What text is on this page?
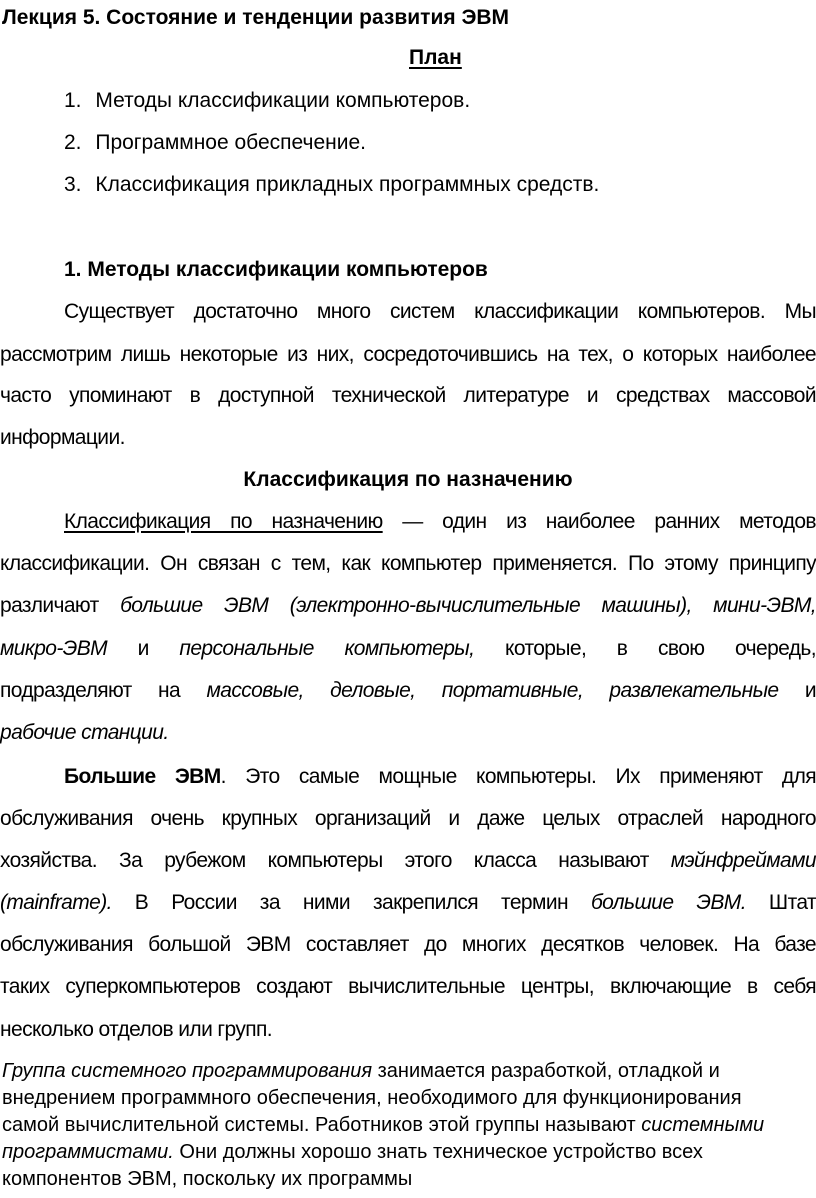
Лекция 5. Состояние и тенденции развития ЭВМ
План
1. Методы классификации компьютеров.
2. Программное обеспечение.
3. Классификация прикладных программных средств.
1. Методы классификации компьютеров
Существует достаточно много систем классификации компьютеров. Мы
рассмотрим лишь некоторые из них, сосредоточившись на тех, о которых наиболее
часто упоминают в доступной технической литературе и средствах массовой
информации.
Классификация по назначению
Классификация по назначению — один из наиболее ранних методов
классификации. Он связан с тем, как компьютер применяется. По этому принципу
различают большие ЭВМ (электронно-вычислительные машины), мини-ЭВМ,
микро-ЭВМ и персональные компьютеры, которые, в свою очередь,
подразделяют на массовые, деловые, портативные, развлекательные и
рабочие станции.
Большие ЭВМ. Это самые мощные компьютеры. Их применяют для
обслуживания очень крупных организаций и даже целых отраслей народного
хозяйства. За рубежом компьютеры этого класса называют мэйнфреймами
(mainframe). В России за ними закрепился термин большие ЭВМ. Штат
обслуживания большой ЭВМ составляет до многих десятков человек. На базе
таких суперкомпьютеров создают вычислительные центры, включающие в себя
несколько отделов или групп.
Группа системного программирования занимается разработкой, отладкой и
внедрением программного обеспечения, необходимого для функционирования
самой вычислительной системы. Работников этой группы называют системными
программистами. Они должны хорошо знать техническое устройство всех
компонентов ЭВМ, поскольку их программы
